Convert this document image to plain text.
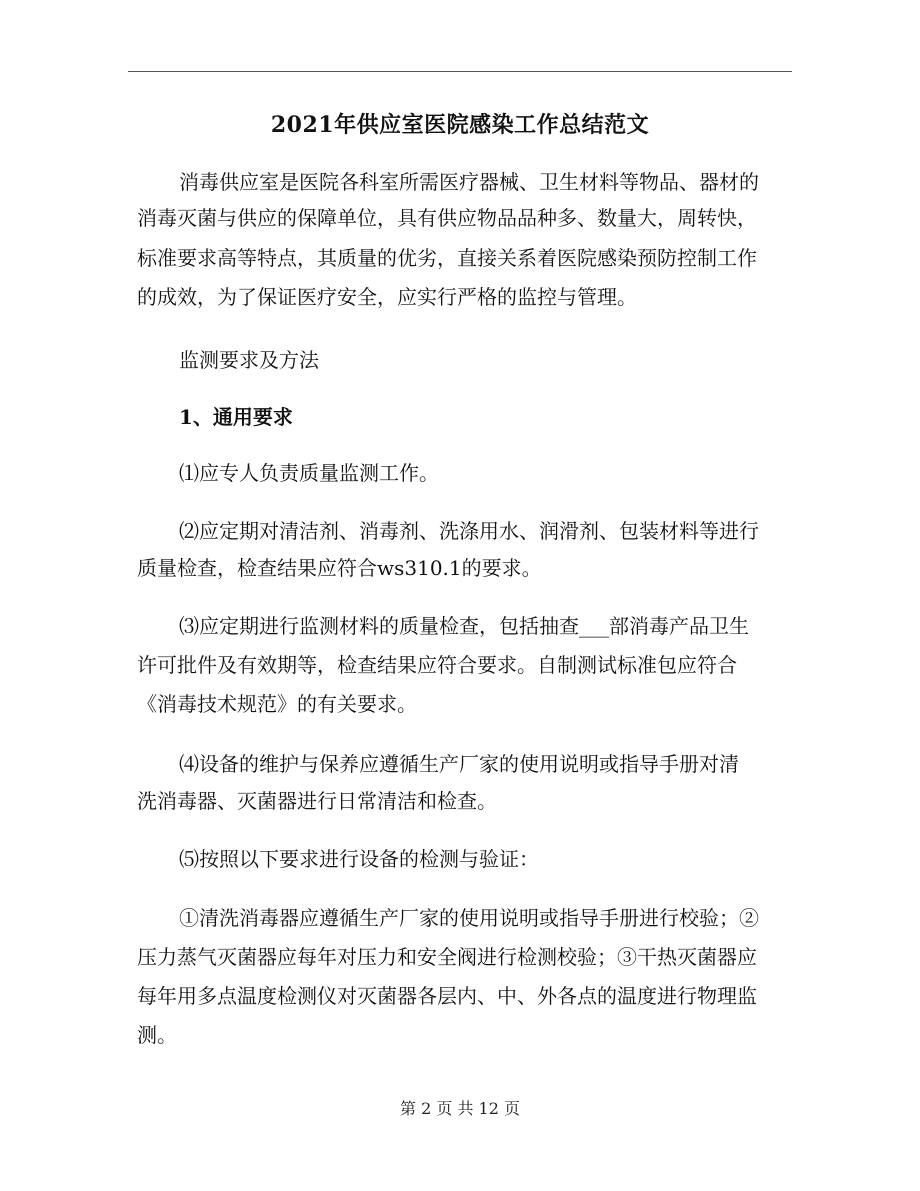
2021年供应室医院感染工作总结范文

消毒供应室是医院各科室所需医疗器械、卫生材料等物品、器材的

消毒灭菌与供应的保障单位，具有供应物品品种多、数量大，周转快，

标准要求高等特点，其质量的优劣，直接关系着医院感染预防控制工作

的成效，为了保证医疗安全，应实行严格的监控与管理。

监测要求及方法

1、通用要求

⑴应专人负责质量监测工作。

⑵应定期对清洁剂、消毒剂、洗涤用水、润滑剂、包装材料等进行

质量检查，检查结果应符合ws310.1的要求。

⑶应定期进行监测材料的质量检查，包括抽查___部消毒产品卫生

许可批件及有效期等，检查结果应符合要求。自制测试标准包应符合

《消毒技术规范》的有关要求。

⑷设备的维护与保养应遵循生产厂家的使用说明或指导手册对清

洗消毒器、灭菌器进行日常清洁和检查。

⑸按照以下要求进行设备的检测与验证：

①清洗消毒器应遵循生产厂家的使用说明或指导手册进行校验；②

压力蒸气灭菌器应每年对压力和安全阀进行检测校验；③干热灭菌器应

每年用多点温度检测仪对灭菌器各层内、中、外各点的温度进行物理监

测。

第 2 页 共 12 页
